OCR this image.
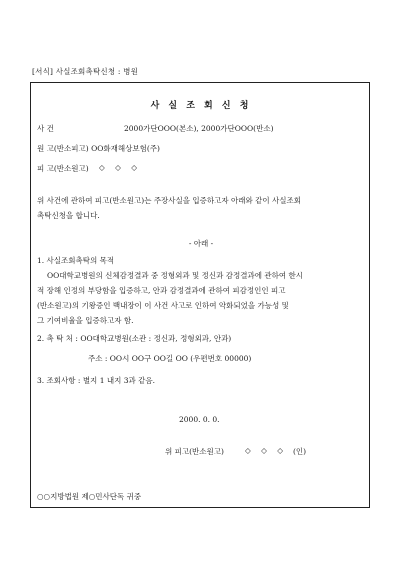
[서식] 사실조회촉탁신청 : 병원
사 실 조 회 신 청
사 건	2000가단OOO(본소), 2000가단OOO(반소)
원 고(반소피고) OO화재해상보험(주)
피 고(반소원고) ◇ ◇ ◇
위 사건에 관하여 피고(반소원고)는 주장사실을 입증하고자 아래와 같이 사실조회
촉탁신청을 합니다.
- 아래 -
1. 사실조회촉탁의 목적
OO대학교병원의 신체감정결과 중 정형외과 및 정신과 감정결과에 관하여 한시
적 장해 인정의 부당함을 입증하고, 안과 감정결과에 관하여 피감정인인 피고
(반소원고)의 기왕증인 백내장이 이 사건 사고로 인하여 악화되었을 가능성 및
그 기여비율을 입증하고자 함.
2. 촉 탁 처 : OO대학교병원(소관 : 정신과, 정형외과, 안과)
주소 : OO시 OO구 OO길 OO (우편번호 00000)
3. 조회사항 : 별지 1 내지 3과 같음.
2000. 0. 0.
위 피고(반소원고)	◇ ◇ ◇ (인)
○○지방법원 제○민사단독 귀중
